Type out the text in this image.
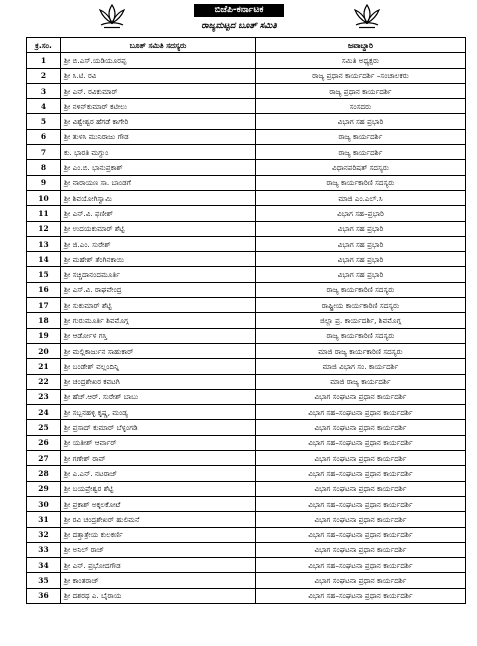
ಬಿಜೆಪಿ-ಕರ್ನಾಟಕ
ರಾಜ್ಯಮಟ್ಟದ ಬೂತ್ ಸಮಿತಿ
ಕ್ರ.ಸಂ.	ಬೂತ್ ಸಮಿತಿ ಸದಸ್ಯರು	ಜವಾಬ್ದಾರಿ
1	ಶ್ರೀ ಬಿ.ಎಸ್.ಯಡಿಯೂರಪ್ಪ	ಸಮಿತಿ ಅಧ್ಯಕ್ಷರು
2	ಶ್ರೀ ಸಿ.ಟಿ. ರವಿ	ರಾಜ್ಯ ಪ್ರಧಾನ ಕಾರ್ಯದರ್ಶಿ –ಸಂಚಾಲಕರು
3	ಶ್ರೀ ಎನ್. ರವಿಕುಮಾರ್	ರಾಜ್ಯ ಪ್ರಧಾನ ಕಾರ್ಯದರ್ಶಿ
4	ಶ್ರೀ ನಳಿನ್‌ಕುಮಾರ್ ಕಟೀಲು	ಸಂಸದರು
5	ಶ್ರೀ ವಿಶ್ವೇಶ್ವರ ಹೆಗಡೆ ಕಾಗೇರಿ	ವಿಭಾಗ ಸಹ ಪ್ರಭಾರಿ
6	ಶ್ರೀ ತುಳಸಿ ಮುನಿರಾಜು ಗೌಡ	ರಾಜ್ಯ ಕಾರ್ಯದರ್ಶಿ
7	ಕು. ಭಾರತಿ ಮಗ್ದುಂ	ರಾಜ್ಯ ಕಾರ್ಯದರ್ಶಿ
8	ಶ್ರೀ ಎಂ.ಬಿ. ಭಾನುಪ್ರಕಾಶ್	ವಿಧಾನಪರಿಷತ್ ಸದಸ್ಯರು
9	ಶ್ರೀ ನಾರಾಯಣ ಸಾ. ಬಾಂಡಗೆ	ರಾಜ್ಯ ಕಾರ್ಯಕಾರಿಣಿ ಸದಸ್ಯರು
10	ಶ್ರೀ ಶಿವಯೋಗಿಸ್ವಾಮಿ	ಮಾಜಿ ಎಂ.ಎಲ್.ಸಿ
11	ಶ್ರೀ ಎನ್.ವಿ. ಫಣೀಶ್	ವಿಭಾಗ ಸಹ–ಪ್ರಭಾರಿ
12	ಶ್ರೀ ಉದಯಕುಮಾರ್ ಶೆಟ್ಟಿ	ವಿಭಾಗ ಸಹ ಪ್ರಭಾರಿ
13	ಶ್ರೀ ಜಿ.ಎಂ. ಸುರೇಶ್	ವಿಭಾಗ ಸಹ ಪ್ರಭಾರಿ
14	ಶ್ರೀ ಮಹೇಶ್ ತೆಂಗಿನಕಾಯಿ	ವಿಭಾಗ ಸಹ ಪ್ರಭಾರಿ
15	ಶ್ರೀ ಸಚ್ಚಿದಾನಂದಮೂರ್ತಿ	ವಿಭಾಗ ಸಹ ಪ್ರಭಾರಿ
16	ಶ್ರೀ ಎಸ್.ವಿ. ರಾಘವೇಂದ್ರ	ರಾಜ್ಯ ಕಾರ್ಯಕಾರಿಣಿ ಸದಸ್ಯರು
17	ಶ್ರೀ ಸುಕುಮಾರ್ ಶೆಟ್ಟಿ	ರಾಷ್ಟ್ರೀಯ ಕಾರ್ಯಕಾರಿಣಿ ಸದಸ್ಯರು
18	ಶ್ರೀ ಗುರುಮೂರ್ತಿ ಶಿವಮೊಗ್ಗ	ಜಿಲ್ಲಾ ಪ್ರ. ಕಾರ್ಯದರ್ಶಿ, ಶಿವಮೊಗ್ಗ
19	ಶ್ರೀ ಆರ್ಡೋಳ ಗಸ್ತಿ	ರಾಜ್ಯ ಕಾರ್ಯಕಾರಿಣಿ ಸದಸ್ಯರು
20	ಶ್ರೀ ಮಲ್ಲಿಕಾರ್ಜುನ ಸಾಹುಕಾರ್	ಮಾಜಿ ರಾಜ್ಯ ಕಾರ್ಯಕಾರಿಣಿ ಸದಸ್ಯರು
21	ಶ್ರೀ ಬಂಡೇಶ್ ವಲ್ಲಂದಿನ್ನಿ	ಮಾಜಿ ವಿಭಾಗ ಸಂ. ಕಾರ್ಯದರ್ಶಿ
22	ಶ್ರೀ ಚಂದ್ರಶೇಖರ ಕವಟಗಿ	ಮಾಜಿ ರಾಜ್ಯ ಕಾರ್ಯದರ್ಶಿ
23	ಶ್ರೀ ಹೆಚ್.ಆರ್. ಸುರೇಶ್ ಬಾಬು	ವಿಭಾಗ ಸಂಘಟನಾ ಪ್ರಧಾನ ಕಾರ್ಯದರ್ಶಿ
24	ಶ್ರೀ ಸಬ್ಬನಹಳ್ಳಿ ಕೃಷ್ಣ, ಮಂಡ್ಯ	ವಿಭಾಗ ಸಹ–ಸಂಘಟನಾ ಪ್ರಧಾನ ಕಾರ್ಯದರ್ಶಿ
25	ಶ್ರೀ ಪ್ರಸಾದ್ ಕುಮಾರ್ ಬೆಳ್ಳಂಗಡಿ	ವಿಭಾಗ ಸಂಘಟನಾ ಪ್ರಧಾನ ಕಾರ್ಯದರ್ಶಿ
26	ಶ್ರೀ ಯತೀಶ್ ಆರ್ವಾರ್	ವಿಭಾಗ ಸಹ–ಸಂಘಟನಾ ಪ್ರಧಾನ ಕಾರ್ಯದರ್ಶಿ
27	ಶ್ರೀ ಗಣೇಶ್ ರಾವ್	ವಿಭಾಗ ಸಂಘಟನಾ ಪ್ರಧಾನ ಕಾರ್ಯದರ್ಶಿ
28	ಶ್ರೀ ಎ.ಎನ್. ನಟರಾಜ್	ವಿಭಾಗ ಸಹ–ಸಂಘಟನಾ ಪ್ರಧಾನ ಕಾರ್ಯದರ್ಶಿ
29	ಶ್ರೀ ಬಯಪ್ರೇಶ್ವರ ಶೆಟ್ಟಿ	ವಿಭಾಗ ಸಂಘಟನಾ ಪ್ರಧಾನ ಕಾರ್ಯದರ್ಶಿ
30	ಶ್ರೀ ಪ್ರಕಾಶ್ ಅಕ್ಕಲಕೋಟೆ	ವಿಭಾಗ ಸಹ–ಸಂಘಟನಾ ಪ್ರಧಾನ ಕಾರ್ಯದರ್ಶಿ
31	ಶ್ರೀ ರವಿ ಚಂದ್ರಶೇಖರ್ ಹುಲಿಮನೆ	ವಿಭಾಗ ಸಂಘಟನಾ ಪ್ರಧಾನ ಕಾರ್ಯದರ್ಶಿ
32	ಶ್ರೀ ದತ್ತಾತ್ರೇಯ ಕುಲಕರ್ಣಿ	ವಿಭಾಗ ಸಹ–ಸಂಘಟನಾ ಪ್ರಧಾನ ಕಾರ್ಯದರ್ಶಿ
33	ಶ್ರೀ ಅನಿಲ್ ರಾಜ್	ವಿಭಾಗ ಸಂಘಟನಾ ಪ್ರಧಾನ ಕಾರ್ಯದರ್ಶಿ
34	ಶ್ರೀ ಎನ್. ಪ್ರಭೋದಗೌಡ	ವಿಭಾಗ ಸಹ–ಸಂಘಟನಾ ಪ್ರಧಾನ ಕಾರ್ಯದರ್ಶಿ
35	ಶ್ರೀ ಕಾಂತರಾಜ್	ವಿಭಾಗ ಸಂಘಟನಾ ಪ್ರಧಾನ ಕಾರ್ಯದರ್ಶಿ
36	ಶ್ರೀ ದಶರಥ ಎ. ಬೈರಾಯ	ವಿಭಾಗ ಸಹ–ಸಂಘಟನಾ ಪ್ರಧಾನ ಕಾರ್ಯದರ್ಶಿ
